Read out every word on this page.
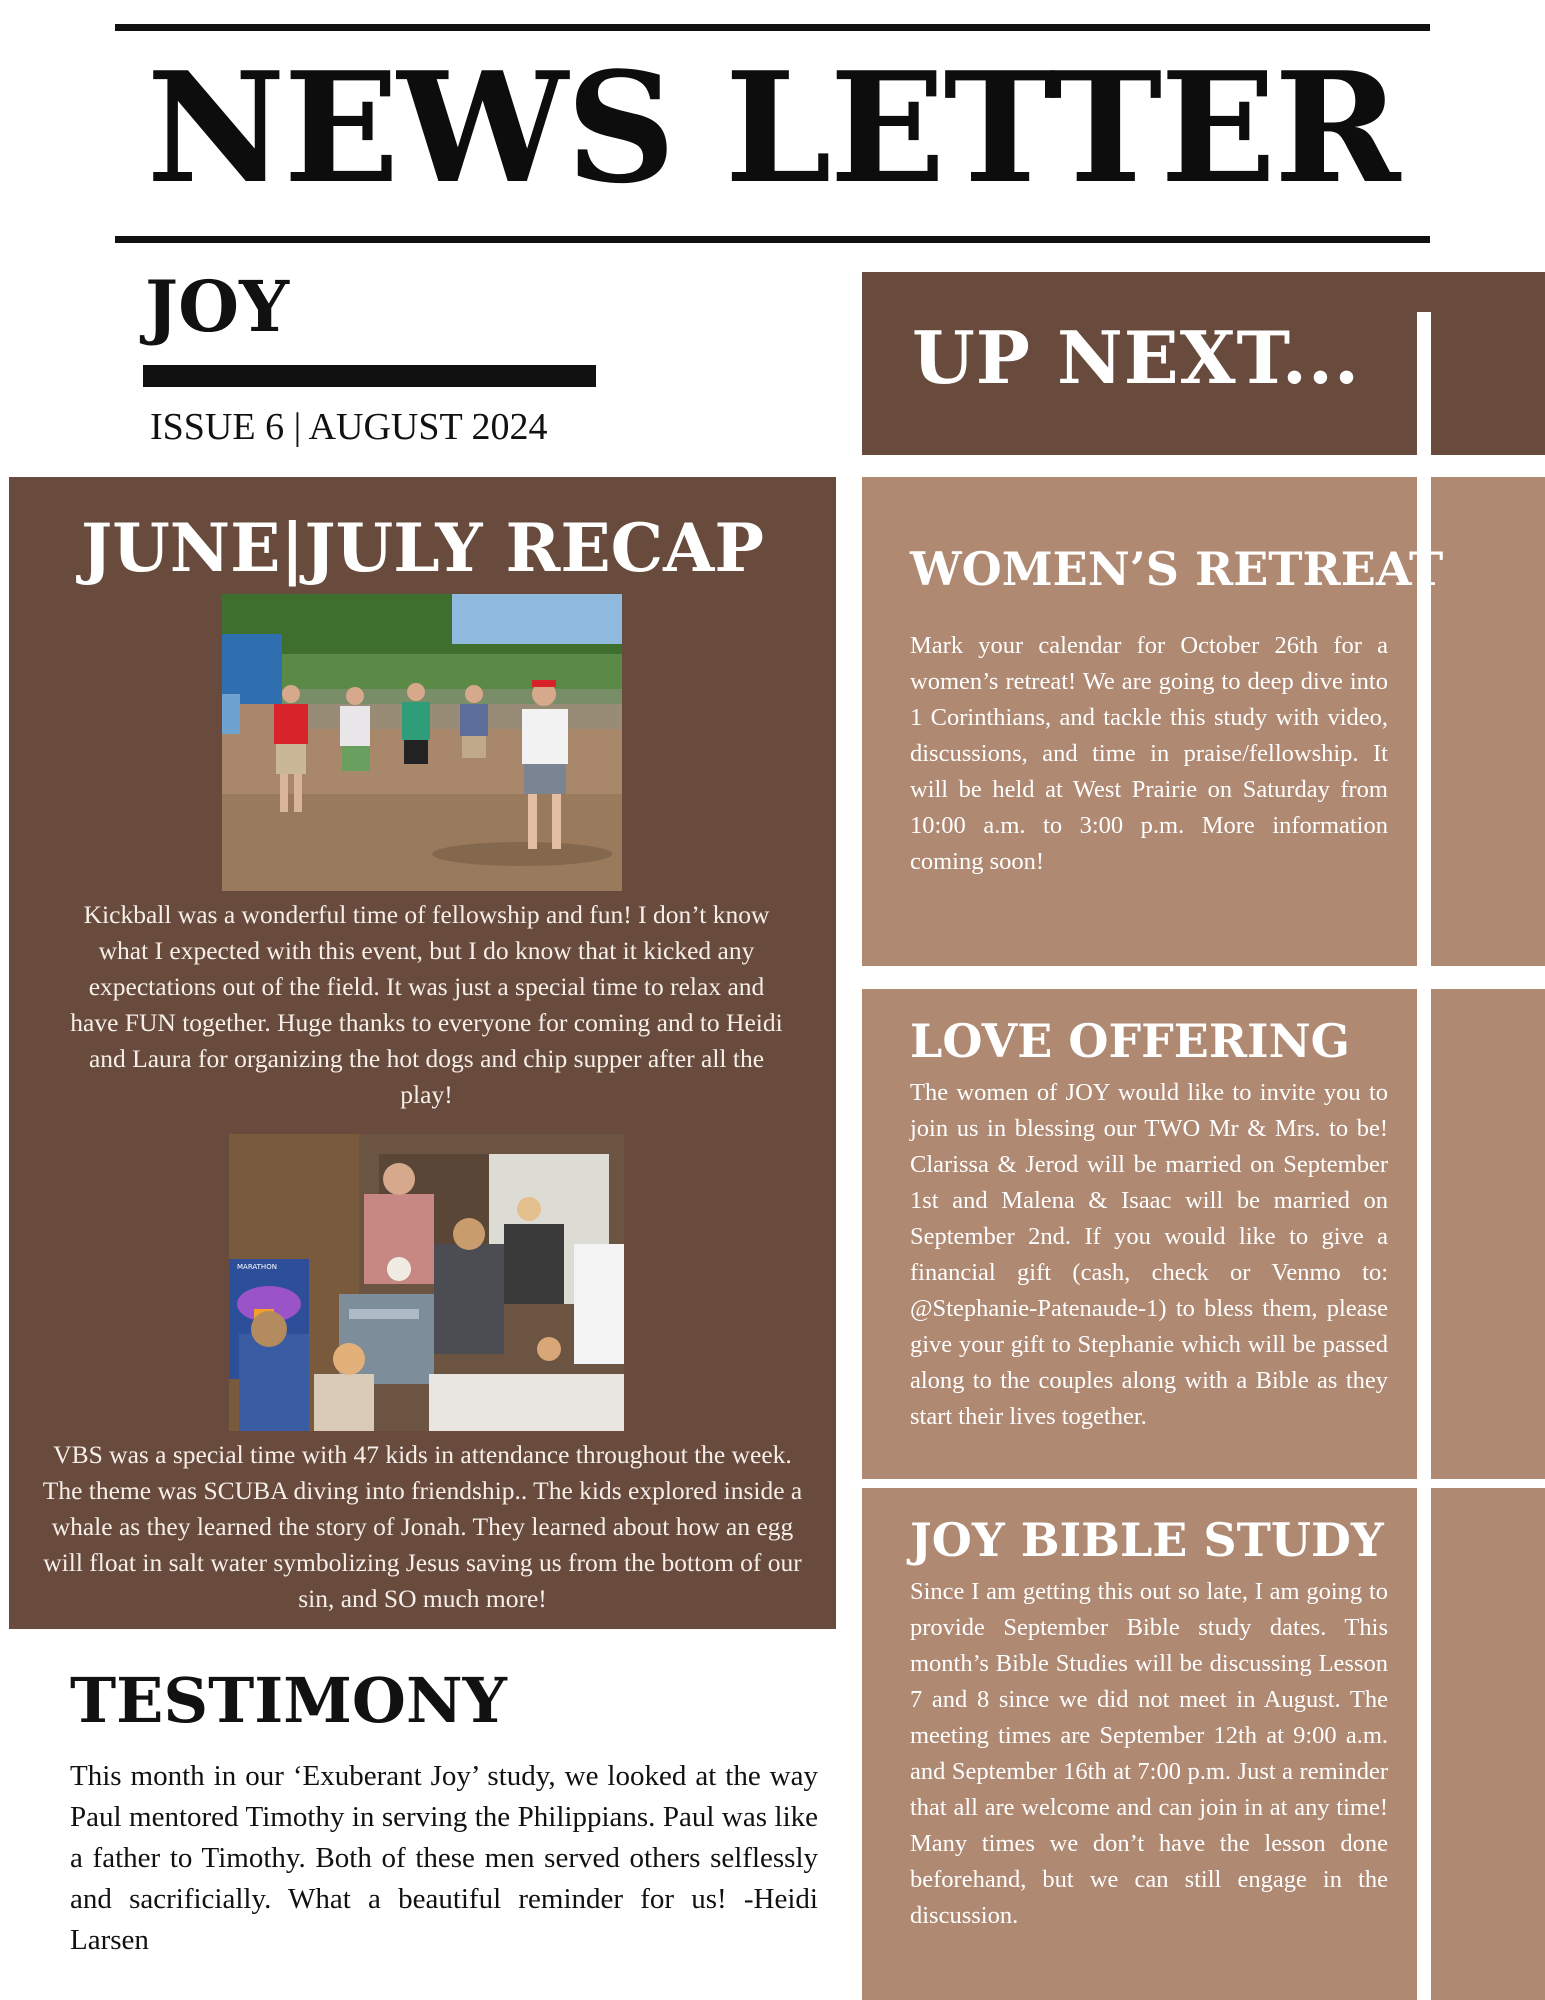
NEWS LETTER
JOY
ISSUE 6 | AUGUST 2024
JUNE|JULY RECAP
Kickball was a wonderful time of fellowship and fun! I don’t know what I expected with this event, but I do know that it kicked any expectations out of the field. It was just a special time to relax and have FUN together. Huge thanks to everyone for coming and to Heidi and Laura for organizing the hot dogs and chip supper after all the play!
MARATHON
VBS was a special time with 47 kids in attendance throughout the week. The theme was SCUBA diving into friendship.. The kids explored inside a whale as they learned the story of Jonah. They learned about how an egg will float in salt water symbolizing Jesus saving us from the bottom of our sin, and SO much more!
TESTIMONY
This month in our ‘Exuberant Joy’ study, we looked at the way Paul mentored Timothy in serving the Philippians. Paul was like a father to Timothy. Both of these men served others selflessly and sacrificially. What a beautiful reminder for us! -Heidi Larsen
UP NEXT...
WOMEN’S RETREAT
Mark your calendar for October 26th for a women’s retreat! We are going to deep dive into 1 Corinthians, and tackle this study with video, discussions, and time in praise/fellowship. It will be held at West Prairie on Saturday from 10:00 a.m. to 3:00 p.m. More information coming soon!
LOVE OFFERING
The women of JOY would like to invite you to join us in blessing our TWO Mr & Mrs. to be! Clarissa & Jerod will be married on September 1st and Malena & Isaac will be married on September 2nd. If you would like to give a financial gift (cash, check or Venmo to: @Stephanie-Patenaude-1) to bless them, please give your gift to Stephanie which will be passed along to the couples along with a Bible as they start their lives together.
JOY BIBLE STUDY
Since I am getting this out so late, I am going to provide September Bible study dates. This month’s Bible Studies will be discussing Lesson 7 and 8 since we did not meet in August. The meeting times are September 12th at 9:00 a.m. and September 16th at 7:00 p.m. Just a reminder that all are welcome and can join in at any time! Many times we don’t have the lesson done beforehand, but we can still engage in the discussion.
